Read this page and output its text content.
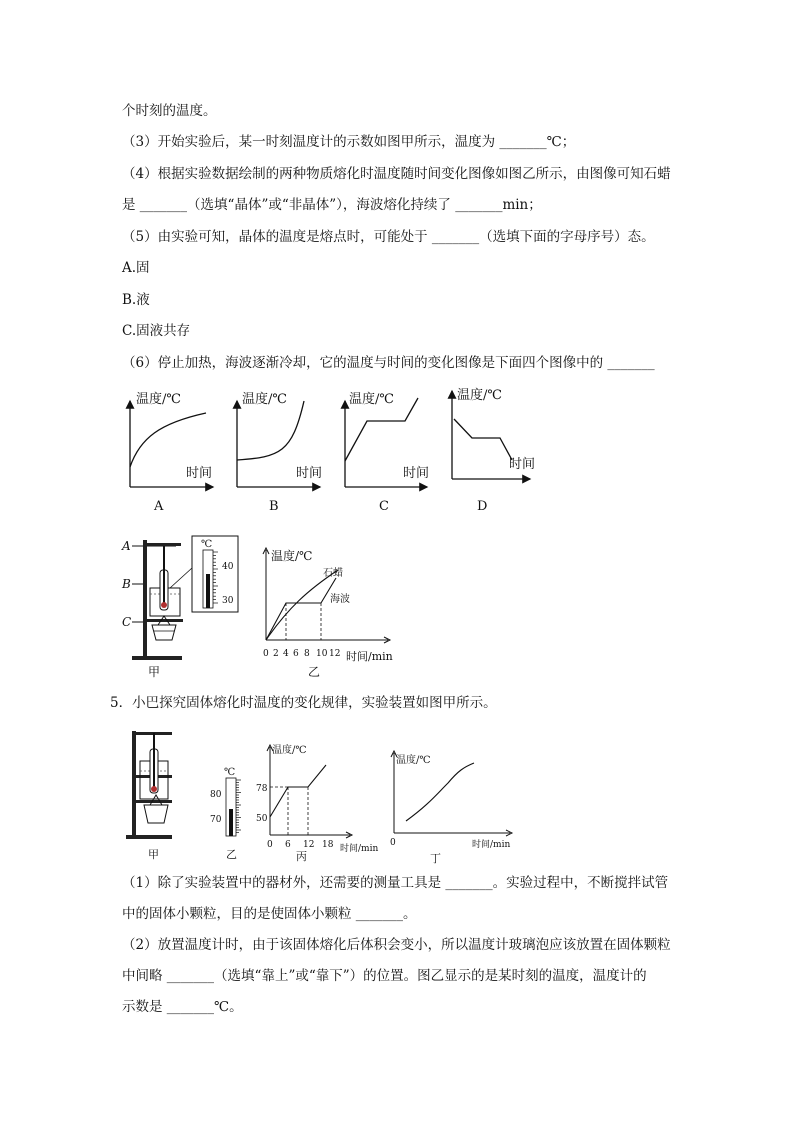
个时刻的温度。
（3）开始实验后，某一时刻温度计的示数如图甲所示，温度为 _______℃；
（4）根据实验数据绘制的两种物质熔化时温度随时间变化图像如图乙所示，由图像可知石蜡
是 _______（选填“晶体”或“非晶体”），海波熔化持续了 _______min；
（5）由实验可知，晶体的温度是熔点时，可能处于 _______（选填下面的字母序号）态。
A.固
B.液
C.固液共存
（6）停止加热，海波逐渐冷却，它的温度与时间的变化图像是下面四个图像中的 _______
温度/℃
时间
A
温度/℃
时间
B
温度/℃
时间
C
温度/℃
时间
D
A
B
C
甲
℃
40
30
温度/℃
石蜡
海波
0 2 4 6 8 10 12 时间/min
乙
5．小巴探究固体熔化时温度的变化规律，实验装置如图甲所示。
甲
℃
80
70
乙
温度/℃
78
50
0 6 12 18 时间/min
丙
温度/℃
0	时间/min
丁
（1）除了实验装置中的器材外，还需要的测量工具是 _______。实验过程中，不断搅拌试管
中的固体小颗粒，目的是使固体小颗粒 _______。
（2）放置温度计时，由于该固体熔化后体积会变小，所以温度计玻璃泡应该放置在固体颗粒
中间略 _______（选填“靠上”或“靠下”）的位置。图乙显示的是某时刻的温度，温度计的
示数是 _______℃。
